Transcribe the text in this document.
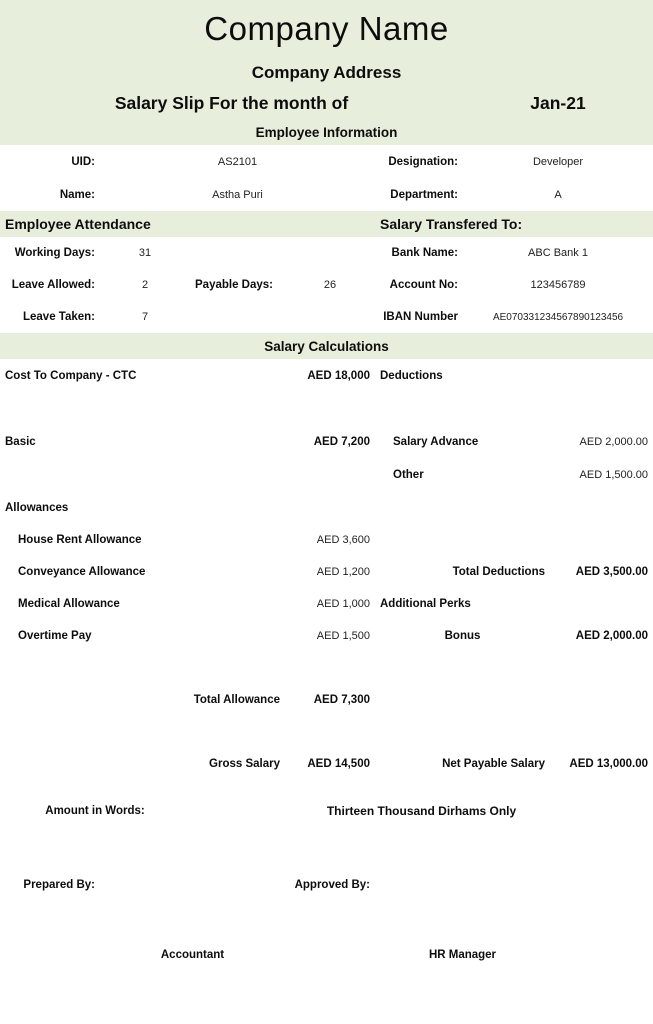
Company Name						
Company Address						
Salary Slip For the month of					Jan-21	
Employee Information						
UID:	AS2101			Designation:	Developer	
Name:	Astha Puri			Department:	A	
Employee Attendance				Salary Transfered To:		
Working Days:	31			Bank Name:	ABC Bank 1	
Leave Allowed:	2	Payable Days:	26	Account No:	123456789	
Leave Taken:	7			IBAN Number	AE070331234567890123456	
Salary Calculations						
Cost To Company - CTC			AED 18,000	Deductions		

Basic			AED 7,200	Salary Advance		AED 2,000.00
				Other		AED 1,500.00
Allowances						
House Rent Allowance			AED 3,600			
Conveyance Allowance			AED 1,200	Total Deductions		AED 3,500.00
Medical Allowance			AED 1,000	Additional Perks		
Overtime Pay			AED 1,500	Bonus		AED 2,000.00

Total Allowance			AED 7,300			

Gross Salary			AED 14,500	Net Payable Salary		AED 13,000.00
Amount in Words:		Thirteen Thousand Dirhams Only				

Prepared By:			Approved By:			

	Accountant			HR Manager		
